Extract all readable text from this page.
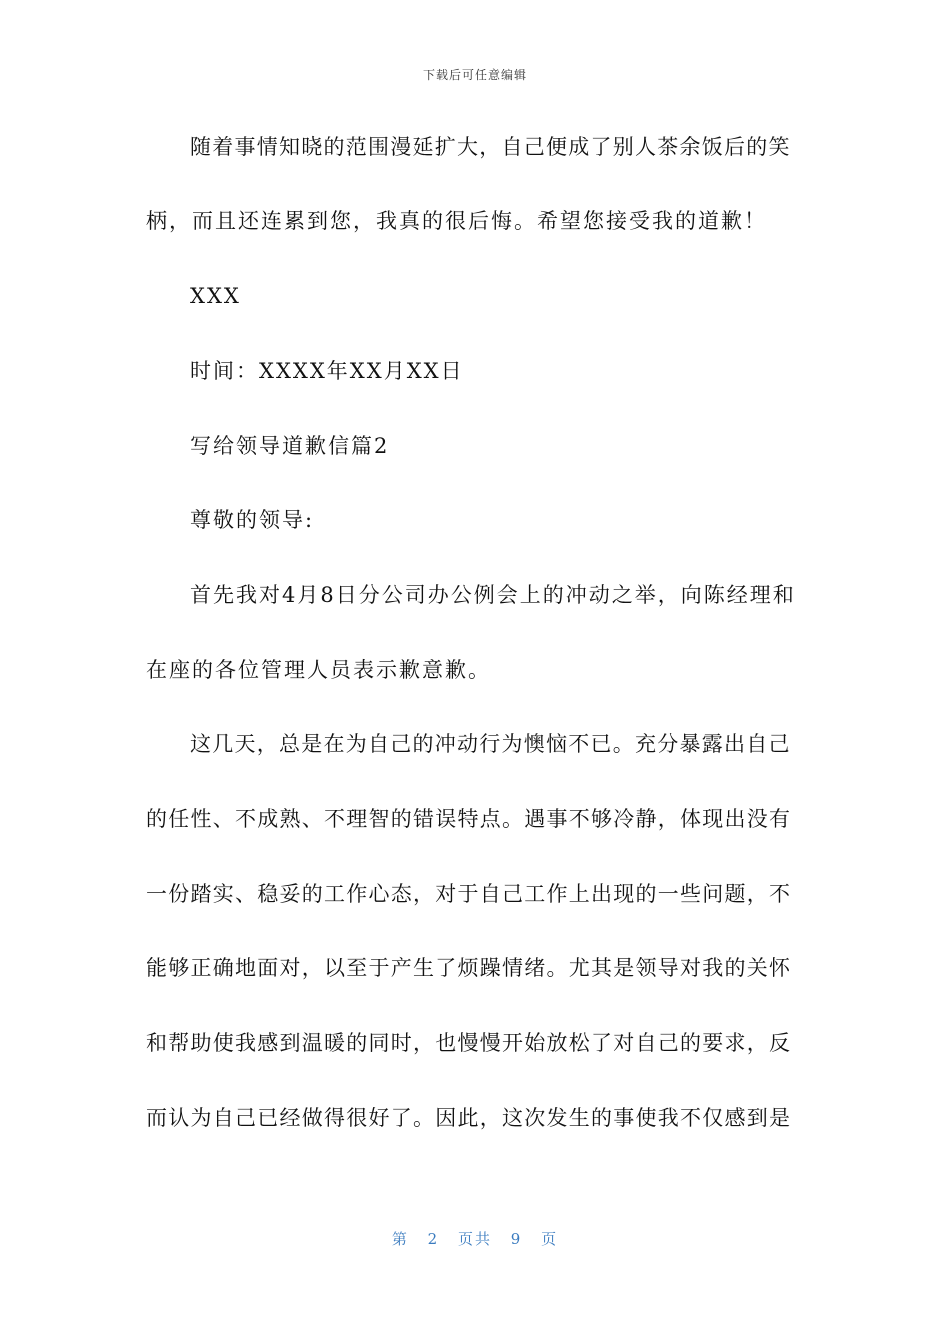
下载后可任意编辑
随着事情知晓的范围漫延扩大，自己便成了别人茶余饭后的笑
柄，而且还连累到您，我真的很后悔。希望您接受我的道歉！
XXX
时间：XXXX年XX月XX日
写给领导道歉信篇2
尊敬的领导:
首先我对4月8日分公司办公例会上的冲动之举，向陈经理和
在座的各位管理人员表示歉意歉。
这几天，总是在为自己的冲动行为懊恼不已。充分暴露出自己
的任性、不成熟、不理智的错误特点。遇事不够冷静，体现出没有
一份踏实、稳妥的工作心态，对于自己工作上出现的一些问题，不
能够正确地面对，以至于产生了烦躁情绪。尤其是领导对我的关怀
和帮助使我感到温暖的同时，也慢慢开始放松了对自己的要求，反
而认为自己已经做得很好了。因此，这次发生的事使我不仅感到是
第 2 页共 9 页
